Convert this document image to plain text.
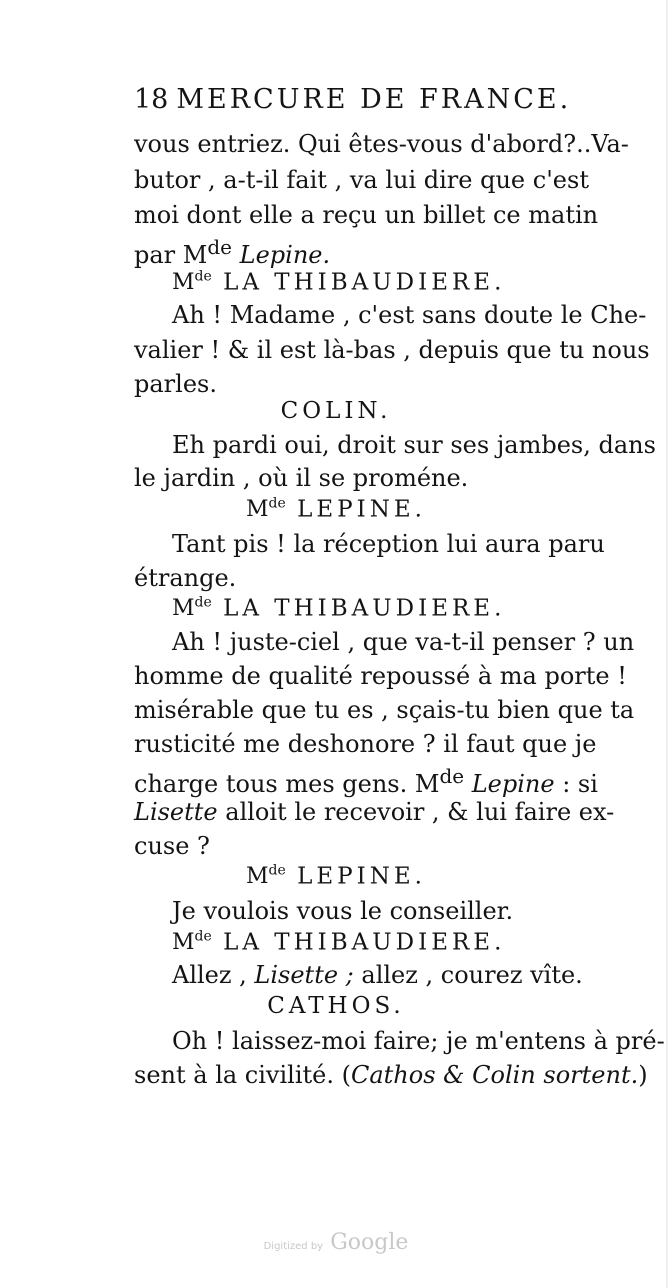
18 MERCURE DE FRANCE.
vous entriez. Qui êtes-vous d'abord?..Va-
butor , a-t-il fait , va lui dire que c'est
moi dont elle a reçu un billet ce matin
par Mde Lepine.
Mde LA THIBAUDIERE.
Ah ! Madame , c'est sans doute le Che-
valier ! & il est là-bas , depuis que tu nous
parles.
COLIN.
Eh pardi oui, droit sur ses jambes, dans
le jardin , où il se proméne.
Mde LEPINE.
Tant pis ! la réception lui aura paru
étrange.
Mde LA THIBAUDIERE.
Ah ! juste-ciel , que va-t-il penser ? un
homme de qualité repoussé à ma porte !
misérable que tu es , sçais-tu bien que ta
rusticité me deshonore ? il faut que je
charge tous mes gens. Mde Lepine : si
Lisette alloit le recevoir , & lui faire ex-
cuse ?
Mde LEPINE.
Je voulois vous le conseiller.
Mde LA THIBAUDIERE.
Allez , Lisette ; allez , courez vîte.
CATHOS.
Oh ! laissez-moi faire; je m'entens à pré-
sent à la civilité. (Cathos & Colin sortent.)
Digitized by Google
